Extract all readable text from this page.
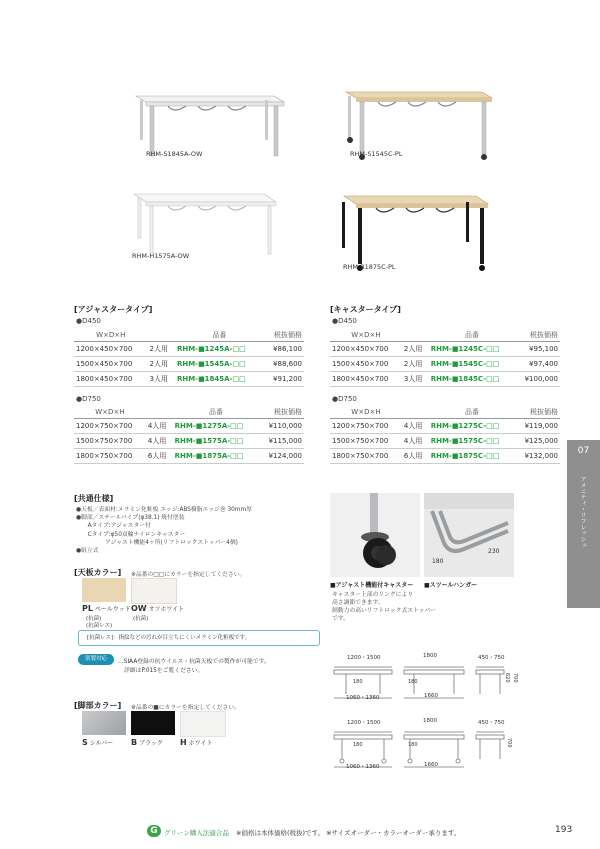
RHM-S1845A-OW	RHM-S1545C-PL
RHM-H1575A-OW
RHM-B1875C-PL
[アジャスタータイプ]
●D450
W×D×H		品番	税抜価格
1200×450×700	2人用	RHM-■1245A-□□	¥86,100
1500×450×700	2人用	RHM-■1545A-□□	¥88,600
1800×450×700	3人用	RHM-■1845A-□□	¥91,200
●D750
W×D×H		品番	税抜価格
1200×750×700	4人用	RHM-■1275A-□□	¥110,000
1500×750×700	4人用	RHM-■1575A-□□	¥115,000
1800×750×700	6人用	RHM-■1875A-□□	¥124,000
[キャスタータイプ]
●D450
W×D×H		品番	税抜価格
1200×450×700	2人用	RHM-■1245C-□□	¥95,100
1500×450×700	2人用	RHM-■1545C-□□	¥97,400
1800×450×700	3人用	RHM-■1845C-□□	¥100,000
●D750
W×D×H		品番	税抜価格
1200×750×700	4人用	RHM-■1275C-□□	¥119,000
1500×750×700	4人用	RHM-■1575C-□□	¥125,000
1800×750×700	6人用	RHM-■1875C-□□	¥132,000	07
アメニティ・リフレッシュ
[共通仕様]
●天板／表面材:メラミン化粧板 エッジ:ABS樹脂エッジ巻 30mm厚
●脚部／スチールパイプ(φ38.1) 焼付塗装
　　Aタイプ:アジャスター付
　　Cタイプ:φ50双輪ナイロンキャスター
　　　　　アジャスト機能4ヶ所(リフトロックストッパー4個)
●組立式
[天板カラー] ※品番の□□にカラーを指定してください。
PL ペールウッド
(抗菌)
(抗菌レス)
OW オフホワイト
(抗菌)
[抗菌レス]：指紋などの汚れが目立ちにくいメラミン化粧板です。
別製対応	…SIAA登録の抗ウイルス・抗菌天板での製作が可能です。
詳細はP.015をご覧ください。
[脚部カラー] ※品番の■にカラーを指定してください。
S シルバー B ブラック H ホワイト
■アジャスト機能付キャスター
キャスター上部のリングにより
高さ調節できます。
制動力の高いリフトロック式ストッパー
です。
230
180
■スツールハンガー
1200・1500	1800	450・750
620 700
180	180
1060・1360	1660
1200・1500	1800	450・750
700
180	180
1060・1360	1660
G グリーン購入法適合品 ※価格は本体価格(税抜)です。 ※サイズオーダー・カラーオーダー承ります。	193
